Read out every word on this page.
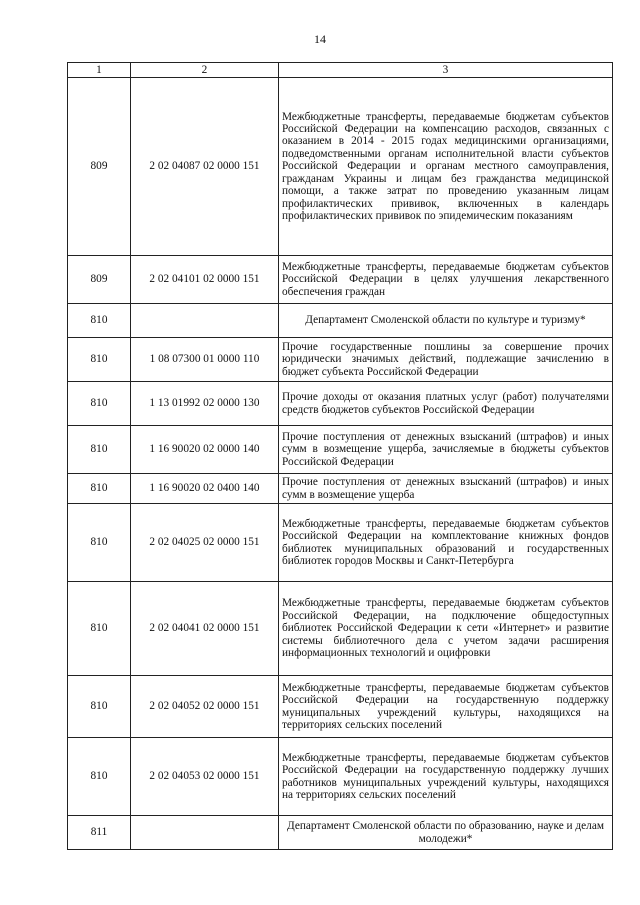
14
1	2	3
809	2 02 04087 02 0000 151	Межбюджетные трансферты, передаваемые бюджетам субъектов Российской Федерации на компенсацию расходов, связанных с оказанием в 2014 - 2015 годах медицинскими организациями, подведомственными органам исполнительной власти субъектов Российской Федерации и органам местного самоуправления, гражданам Украины и лицам без гражданства медицинской помощи, а также затрат по проведению указанным лицам профилактических прививок, включенных в календарь профилактических прививок по эпидемическим показаниям
809	2 02 04101 02 0000 151	Межбюджетные трансферты, передаваемые бюджетам субъектов Российской Федерации в целях улучшения лекарственного обеспечения граждан
810		Департамент Смоленской области по культуре и туризму*
810	1 08 07300 01 0000 110	Прочие государственные пошлины за совершение прочих юридически значимых действий, подлежащие зачислению в бюджет субъекта Российской Федерации
810	1 13 01992 02 0000 130	Прочие доходы от оказания платных услуг (работ) получателями средств бюджетов субъектов Российской Федерации
810	1 16 90020 02 0000 140	Прочие поступления от денежных взысканий (штрафов) и иных сумм в возмещение ущерба, зачисляемые в бюджеты субъектов Российской Федерации
810	1 16 90020 02 0400 140	Прочие поступления от денежных взысканий (штрафов) и иных сумм в возмещение ущерба
810	2 02 04025 02 0000 151	Межбюджетные трансферты, передаваемые бюджетам субъектов Российской Федерации на комплектование книжных фондов библиотек муниципальных образований и государственных библиотек городов Москвы и Санкт-Петербурга
810	2 02 04041 02 0000 151	Межбюджетные трансферты, передаваемые бюджетам субъектов Российской Федерации, на подключение общедоступных библиотек Российской Федерации к сети «Интернет» и развитие системы библиотечного дела с учетом задачи расширения информационных технологий и оцифровки
810	2 02 04052 02 0000 151	Межбюджетные трансферты, передаваемые бюджетам субъектов Российской Федерации на государственную поддержку муниципальных учреждений культуры, находящихся на территориях сельских поселений
810	2 02 04053 02 0000 151	Межбюджетные трансферты, передаваемые бюджетам субъектов Российской Федерации на государственную поддержку лучших работников муниципальных учреждений культуры, находящихся на территориях сельских поселений
811		Департамент Смоленской области по образованию, науке и делам молодежи*
